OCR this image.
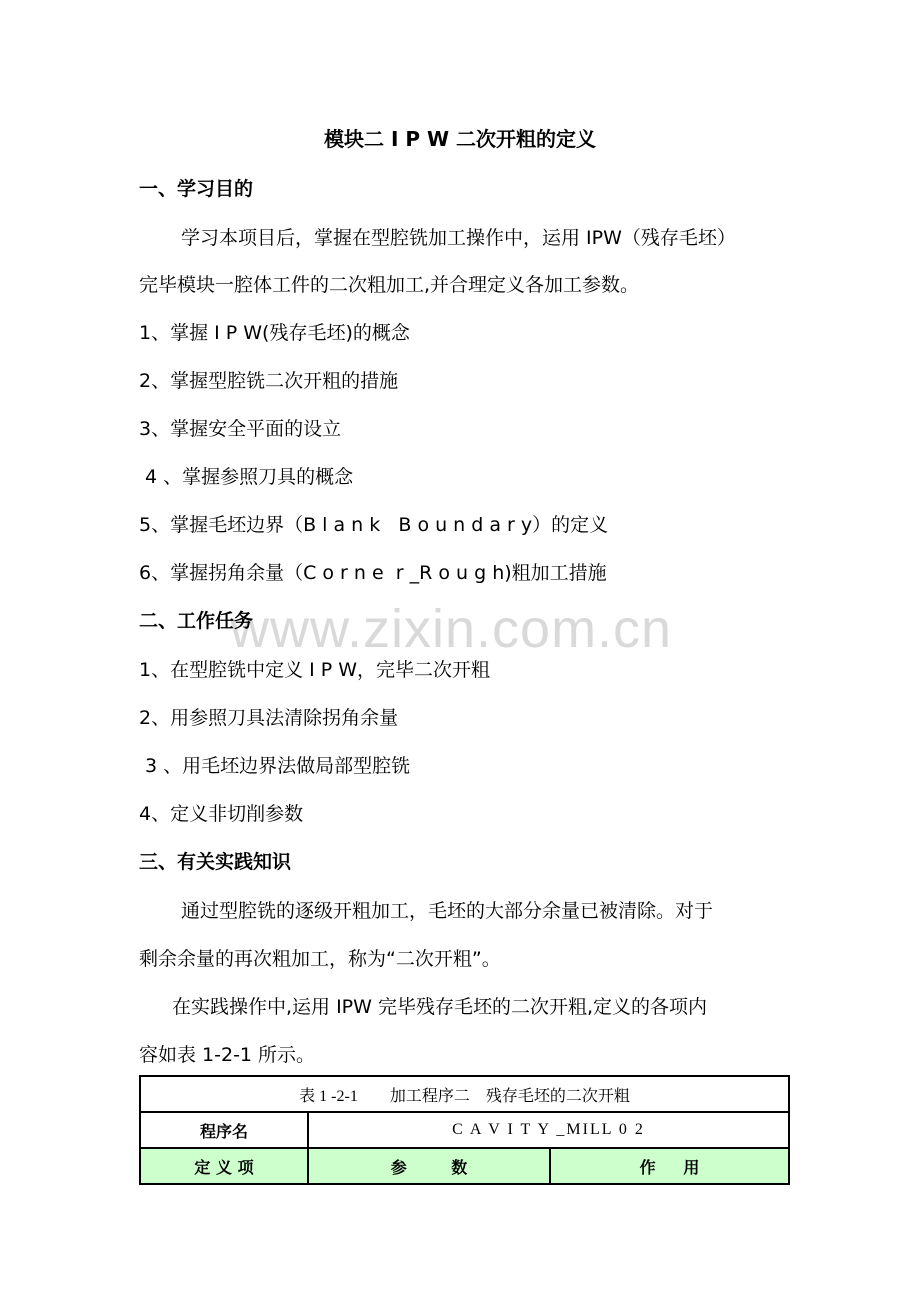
模块二 I P W 二次开粗的定义
一、学习目的
学习本项目后，掌握在型腔铣加工操作中，运用 IPW（残存毛坯）
完毕模块一腔体工件的二次粗加工,并合理定义各加工参数。
1、掌握 I P W(残存毛坯)的概念
2、掌握型腔铣二次开粗的措施
3、掌握安全平面的设立
4 、掌握参照刀具的概念
5、掌握毛坯边界（B l a n k   B o u n d a r y）的定义
6、掌握拐角余量（C o r n e  r _R o u g h)粗加工措施
www.zixin.com.cn
二、工作任务
1、在型腔铣中定义 I P W，完毕二次开粗
2、用参照刀具法清除拐角余量
3 、用毛坯边界法做局部型腔铣
4、定义非切削参数
三、有关实践知识
通过型腔铣的逐级开粗加工，毛坯的大部分余量已被清除。对于
剩余余量的再次粗加工，称为“二次开粗”。
在实践操作中,运用 IPW 完毕残存毛坯的二次开粗,定义的各项内
容如表 1-2-1 所示。
表 1 -2-1        加工程序二    残存毛坯的二次开粗		
程序名	C A V I T Y _MILL 0 2	
定 义 项	参        数	作     用
